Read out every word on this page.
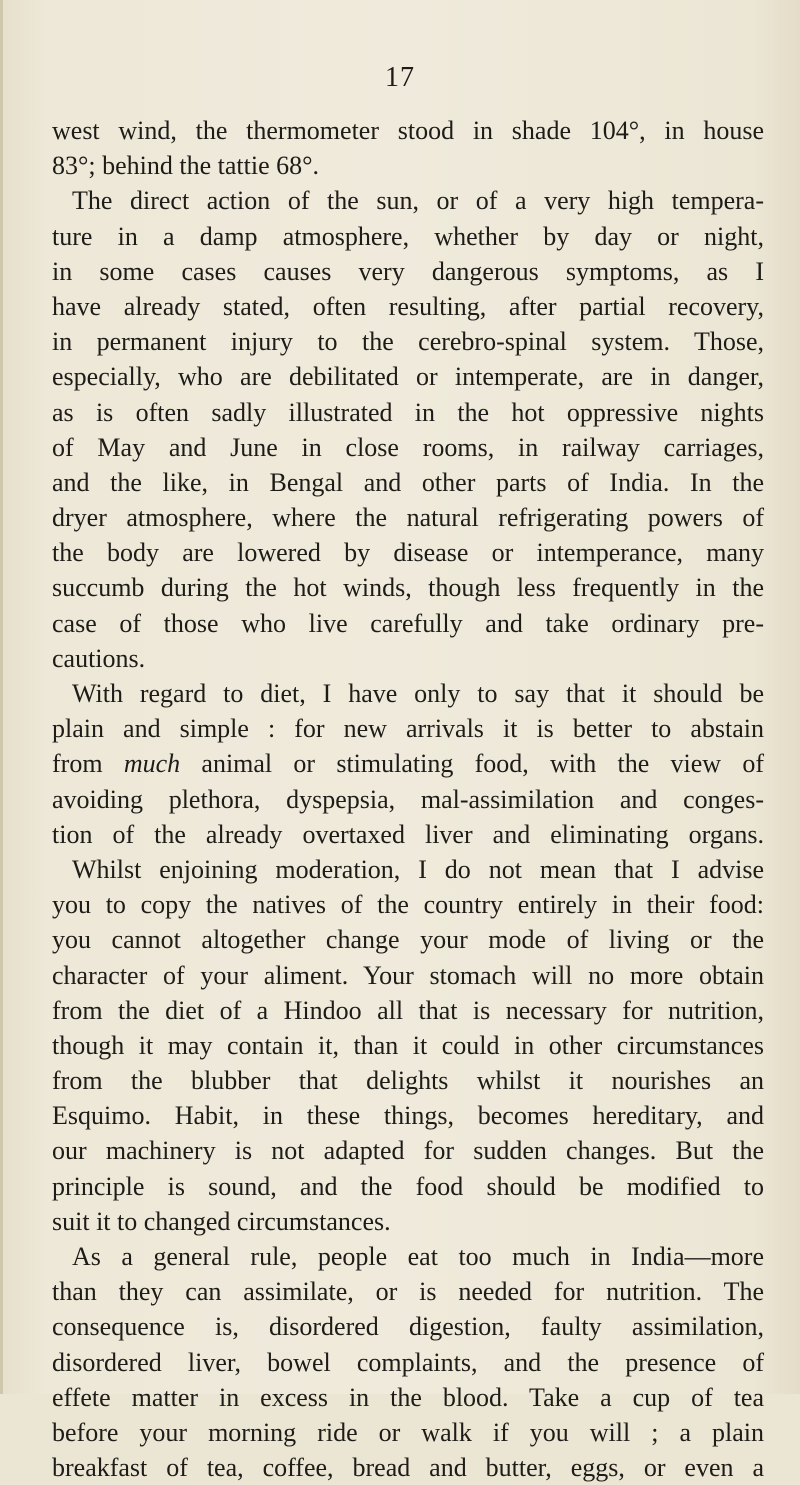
17
west wind, the thermometer stood in shade 104°, in house
83°; behind the tattie 68°.
The direct action of the sun, or of a very high tempera-
ture in a damp atmosphere, whether by day or night,
in some cases causes very dangerous symptoms, as I
have already stated, often resulting, after partial recovery,
in permanent injury to the cerebro-spinal system. Those,
especially, who are debilitated or intemperate, are in danger,
as is often sadly illustrated in the hot oppressive nights
of May and June in close rooms, in railway carriages,
and the like, in Bengal and other parts of India. In the
dryer atmosphere, where the natural refrigerating powers of
the body are lowered by disease or intemperance, many
succumb during the hot winds, though less frequently in the
case of those who live carefully and take ordinary pre-
cautions.
With regard to diet, I have only to say that it should be
plain and simple : for new arrivals it is better to abstain
from much animal or stimulating food, with the view of
avoiding plethora, dyspepsia, mal-assimilation and conges-
tion of the already overtaxed liver and eliminating organs.
Whilst enjoining moderation, I do not mean that I advise
you to copy the natives of the country entirely in their food:
you cannot altogether change your mode of living or the
character of your aliment. Your stomach will no more obtain
from the diet of a Hindoo all that is necessary for nutrition,
though it may contain it, than it could in other circumstances
from the blubber that delights whilst it nourishes an
Esquimo. Habit, in these things, becomes hereditary, and
our machinery is not adapted for sudden changes. But the
principle is sound, and the food should be modified to
suit it to changed circumstances.
As a general rule, people eat too much in India—more
than they can assimilate, or is needed for nutrition. The
consequence is, disordered digestion, faulty assimilation,
disordered liver, bowel complaints, and the presence of
effete matter in excess in the blood. Take a cup of tea
before your morning ride or walk if you will ; a plain
breakfast of tea, coffee, bread and butter, eggs, or even a
